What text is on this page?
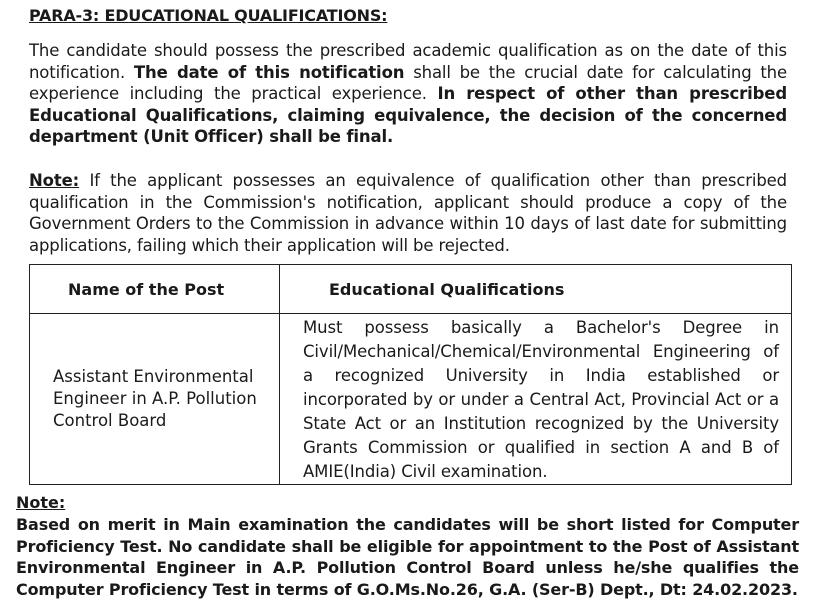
PARA-3: EDUCATIONAL QUALIFICATIONS:
The candidate should possess the prescribed academic qualification as on the date of this notification. The date of this notification shall be the crucial date for calculating the experience including the practical experience. In respect of other than prescribed Educational Qualifications, claiming equivalence, the decision of the concerned department (Unit Officer) shall be final.
Note: If the applicant possesses an equivalence of qualification other than prescribed qualification in the Commission's notification, applicant should produce a copy of the Government Orders to the Commission in advance within 10 days of last date for submitting applications, failing which their application will be rejected.
Name of the Post	Educational Qualifications

Assistant Environmental Engineer in A.P. Pollution Control Board	Must possess basically a Bachelor's Degree in Civil/Mechanical/Chemical/Environmental Engineering of a recognized University in India established or incorporated by or under a Central Act, Provincial Act or a State Act or an Institution recognized by the University Grants Commission or qualified in section A and B of AMIE(India) Civil examination.
Note:
Based on merit in Main examination the candidates will be short listed for Computer Proficiency Test. No candidate shall be eligible for appointment to the Post of Assistant Environmental Engineer in A.P. Pollution Control Board unless he/she qualifies the Computer Proficiency Test in terms of G.O.Ms.No.26, G.A. (Ser-B) Dept., Dt: 24.02.2023.
